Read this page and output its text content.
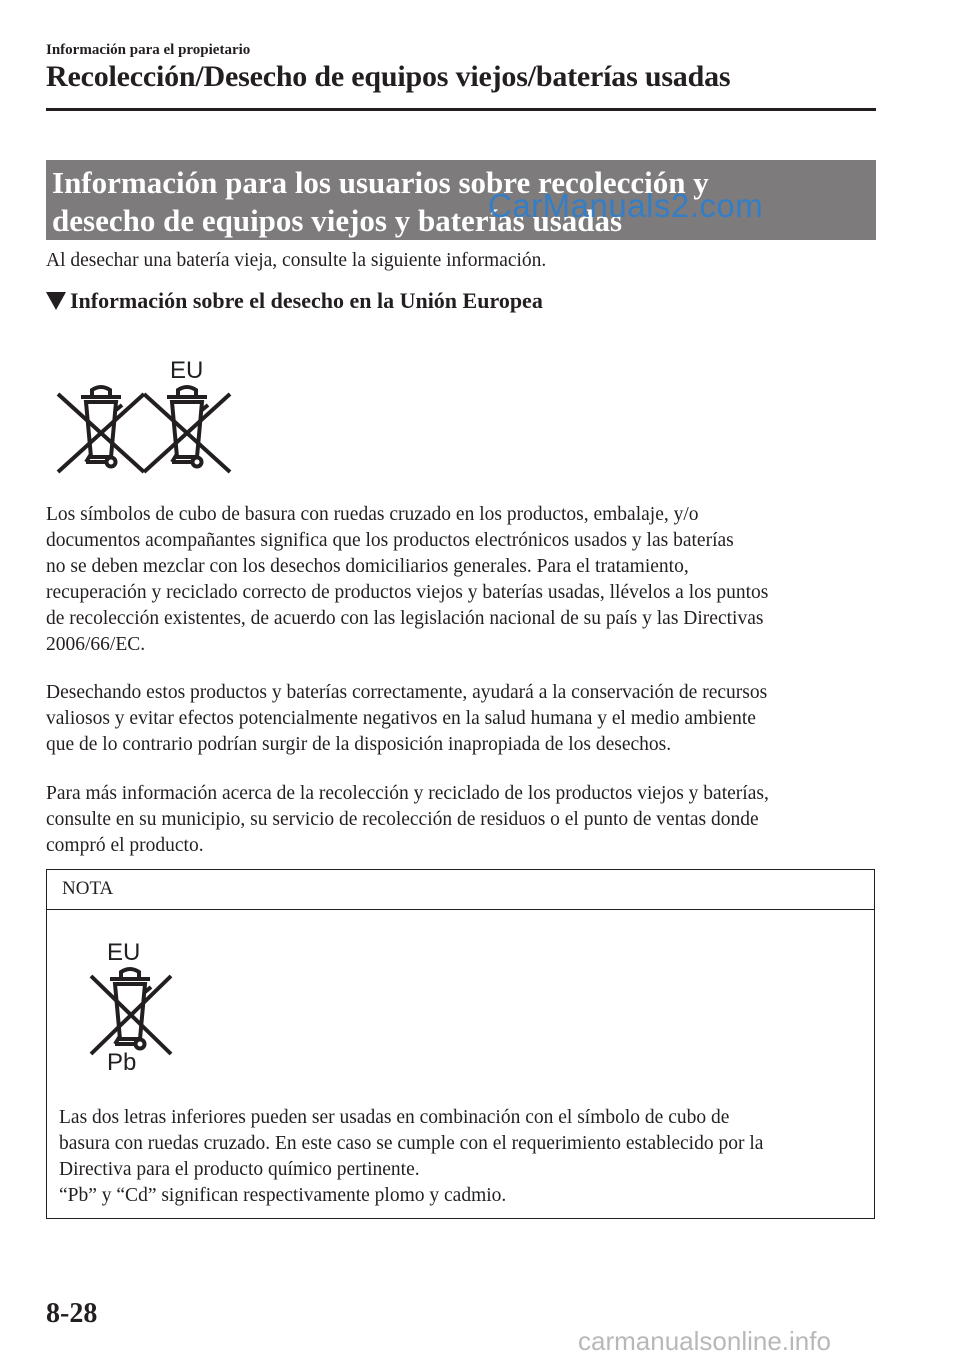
Información para el propietario
Recolección/Desecho de equipos viejos/baterías usadas
Información para los usuarios sobre recolección y
desecho de equipos viejos y baterías usadas
CarManuals2.com
Al desechar una batería vieja, consulte la siguiente información.
Información sobre el desecho en la Unión Europea
EU
Los símbolos de cubo de basura con ruedas cruzado en los productos, embalaje, y/o
documentos acompañantes significa que los productos electrónicos usados y las baterías
no se deben mezclar con los desechos domiciliarios generales. Para el tratamiento,
recuperación y reciclado correcto de productos viejos y baterías usadas, llévelos a los puntos
de recolección existentes, de acuerdo con las legislación nacional de su país y las Directivas
2006/66/EC.
Desechando estos productos y baterías correctamente, ayudará a la conservación de recursos
valiosos y evitar efectos potencialmente negativos en la salud humana y el medio ambiente
que de lo contrario podrían surgir de la disposición inapropiada de los desechos.
Para más información acerca de la recolección y reciclado de los productos viejos y baterías,
consulte en su municipio, su servicio de recolección de residuos o el punto de ventas donde
compró el producto.
NOTA
EU
Pb
Las dos letras inferiores pueden ser usadas en combinación con el símbolo de cubo de
basura con ruedas cruzado. En este caso se cumple con el requerimiento establecido por la
Directiva para el producto químico pertinente.
“Pb” y “Cd” significan respectivamente plomo y cadmio.
8-28
carmanualsonline.info
